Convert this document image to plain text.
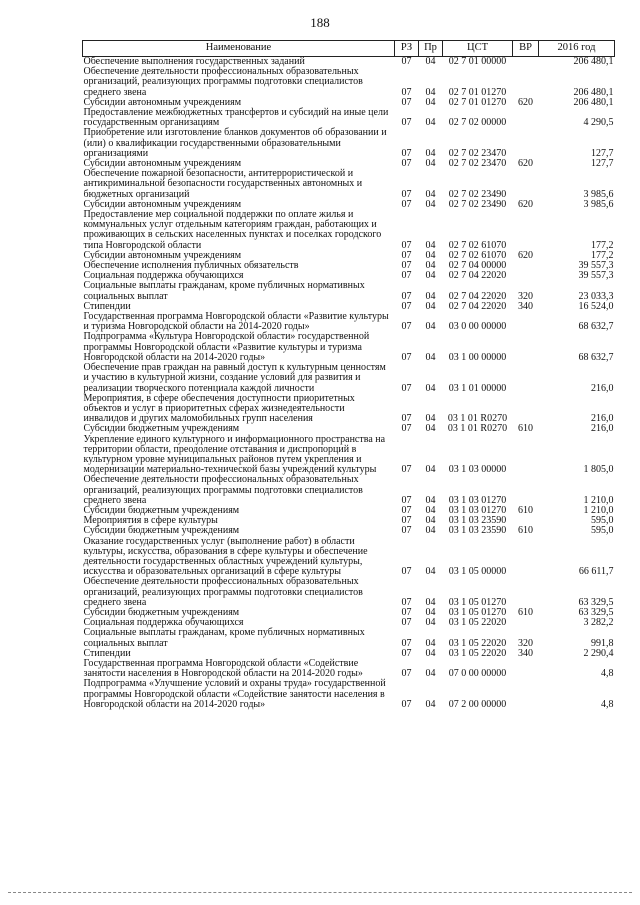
188
Наименование	РЗ	Пр	ЦСТ	ВР	2016 год
Обеспечение выполнения государственных заданий	07	04	02 7 01 00000		206 480,1
Обеспечение деятельности профессиональных образовательных организаций, реализующих программы подготовки специалистов среднего звена	07	04	02 7 01 01270		206 480,1
Субсидии автономным учреждениям	07	04	02 7 01 01270	620	206 480,1
Предоставление межбюджетных трансфертов и субсидий на иные цели государственным организациям	07	04	02 7 02 00000		4 290,5
Приобретение или изготовление бланков документов об образовании и (или) о квалификации государственными образовательными организациями	07	04	02 7 02 23470		127,7
Субсидии автономным учреждениям	07	04	02 7 02 23470	620	127,7
Обеспечение пожарной безопасности, антитеррористической и антикриминальной безопасности государственных автономных и бюджетных организаций	07	04	02 7 02 23490		3 985,6
Субсидии автономным учреждениям	07	04	02 7 02 23490	620	3 985,6
Предоставление мер социальной поддержки по оплате жилья и коммунальных услуг отдельным категориям граждан, работающих и проживающих в сельских населенных пунктах и поселках городского типа Новгородской области	07	04	02 7 02 61070		177,2
Субсидии автономным учреждениям	07	04	02 7 02 61070	620	177,2
Обеспечение исполнения публичных обязательств	07	04	02 7 04 00000		39 557,3
Социальная поддержка обучающихся	07	04	02 7 04 22020		39 557,3
Социальные выплаты гражданам, кроме публичных нормативных социальных выплат	07	04	02 7 04 22020	320	23 033,3
Стипендии	07	04	02 7 04 22020	340	16 524,0
Государственная программа Новгородской области «Развитие культуры и туризма Новгородской области на 2014-2020 годы»	07	04	03 0 00 00000		68 632,7
Подпрограмма «Культура Новгородской области» государственной программы Новгородской области «Развитие культуры и туризма Новгородской области на 2014-2020 годы»	07	04	03 1 00 00000		68 632,7
Обеспечение прав граждан на равный доступ к культурным ценностям и участию в культурной жизни, создание условий для развития и реализации творческого потенциала каждой личности	07	04	03 1 01 00000		216,0
Мероприятия, в сфере обеспечения доступности приоритетных объектов и услуг в приоритетных сферах жизнедеятельности инвалидов и других маломобильных групп населения	07	04	03 1 01 R0270		216,0
Субсидии бюджетным учреждениям	07	04	03 1 01 R0270	610	216,0
Укрепление единого культурного и информационного пространства на территории области, преодоление отставания и диспропорций в культурном уровне муниципальных районов путем укрепления и модернизации материально-технической базы учреждений культуры	07	04	03 1 03 00000		1 805,0
Обеспечение деятельности профессиональных образовательных организаций, реализующих программы подготовки специалистов среднего звена	07	04	03 1 03 01270		1 210,0
Субсидии бюджетным учреждениям	07	04	03 1 03 01270	610	1 210,0
Мероприятия в сфере культуры	07	04	03 1 03 23590		595,0
Субсидии бюджетным учреждениям	07	04	03 1 03 23590	610	595,0
Оказание государственных услуг (выполнение работ) в области культуры, искусства, образования в сфере культуры и обеспечение деятельности государственных областных учреждений культуры, искусства и образовательных организаций в сфере культуры	07	04	03 1 05 00000		66 611,7
Обеспечение деятельности профессиональных образовательных организаций, реализующих программы подготовки специалистов среднего звена	07	04	03 1 05 01270		63 329,5
Субсидии бюджетным учреждениям	07	04	03 1 05 01270	610	63 329,5
Социальная поддержка обучающихся	07	04	03 1 05 22020		3 282,2
Социальные выплаты гражданам, кроме публичных нормативных социальных выплат	07	04	03 1 05 22020	320	991,8
Стипендии	07	04	03 1 05 22020	340	2 290,4
Государственная программа Новгородской области «Содействие занятости населения в Новгородской области на 2014-2020 годы»	07	04	07 0 00 00000		4,8
Подпрограмма «Улучшение условий и охраны труда» государственной программы Новгородской области «Содействие занятости населения в Новгородской области на 2014-2020 годы»	07	04	07 2 00 00000		4,8
